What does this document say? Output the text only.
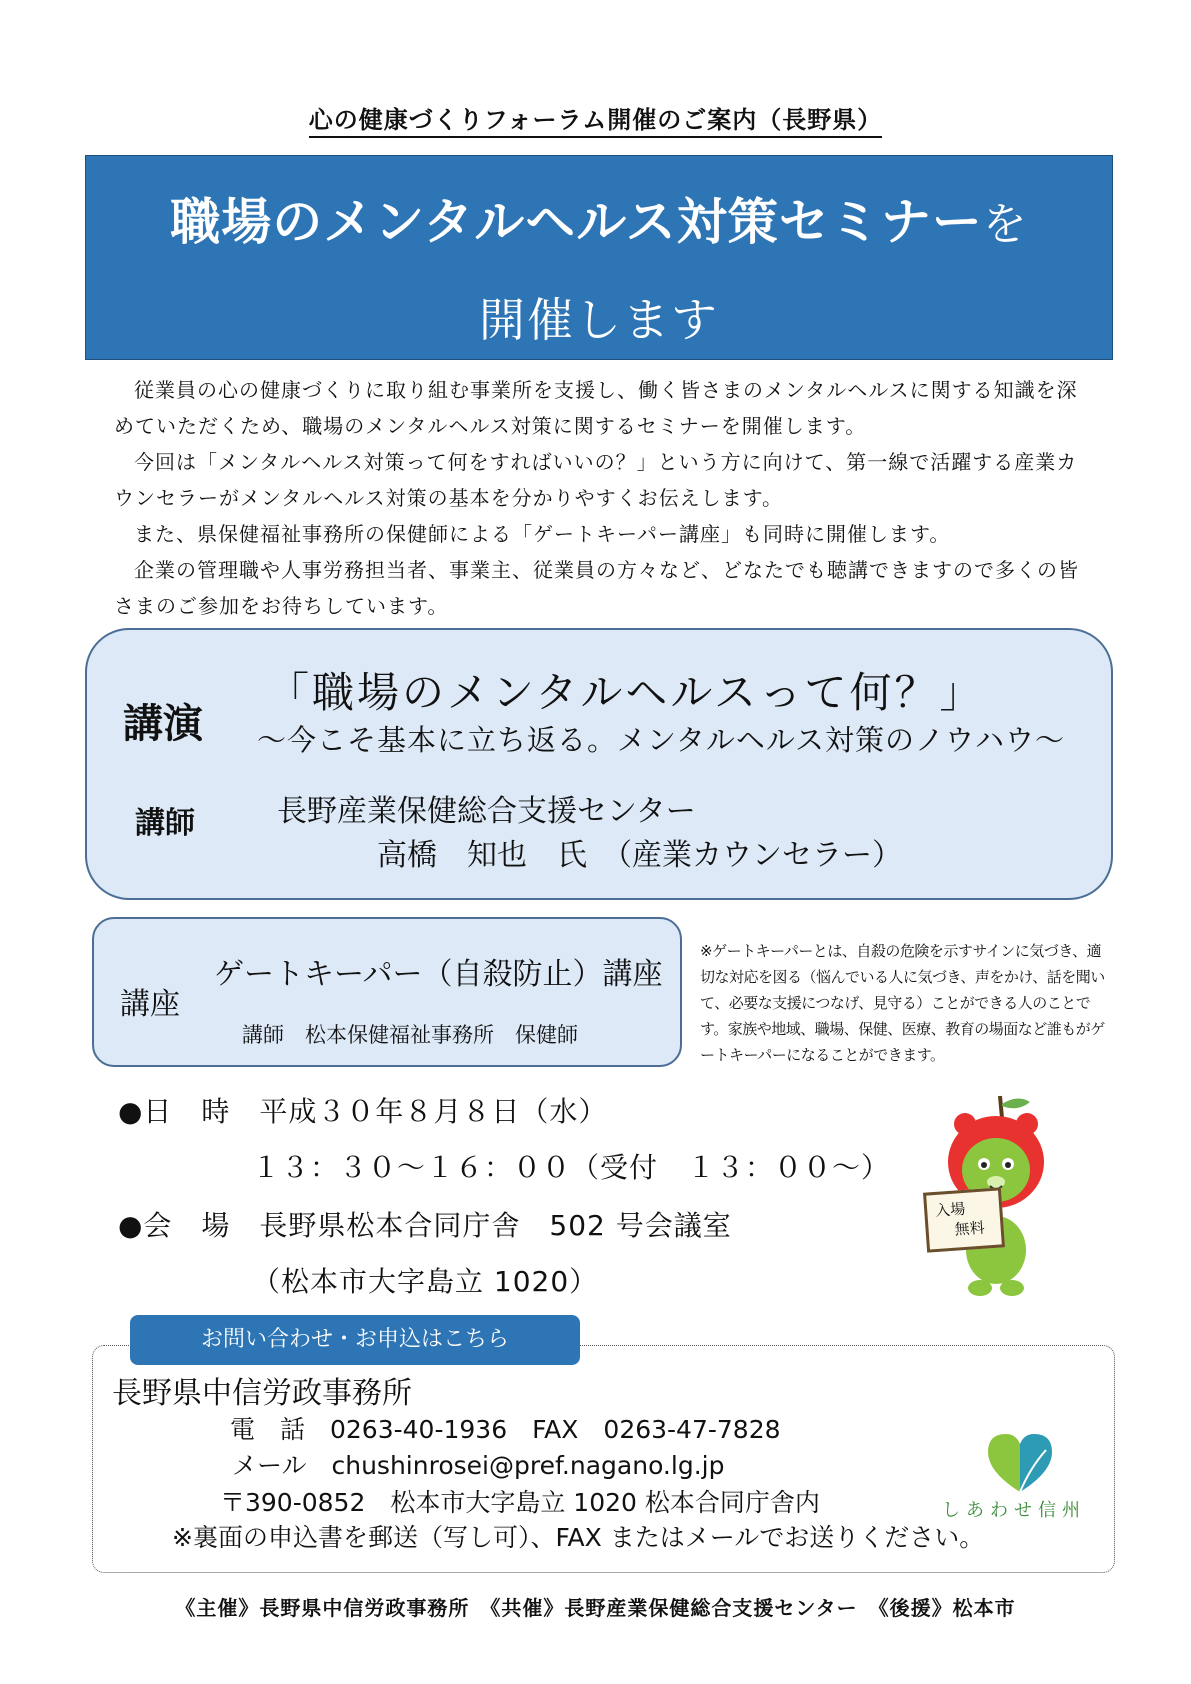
心の健康づくりフォーラム開催のご案内（長野県）
職場のメンタルヘルス対策セミナーを
開催します

従業員の心の健康づくりに取り組む事業所を支援し、働く皆さまのメンタルヘルスに関する知識を深めていただくため、職場のメンタルヘルス対策に関するセミナーを開催します。

今回は「メンタルヘルス対策って何をすればいいの？」という方に向けて、第一線で活躍する産業カウンセラーがメンタルヘルス対策の基本を分かりやすくお伝えします。

また、県保健福祉事務所の保健師による「ゲートキーパー講座」も同時に開催します。

企業の管理職や人事労務担当者、事業主、従業員の方々など、どなたでも聴講できますので多くの皆さまのご参加をお待ちしています。

講演
「職場のメンタルヘルスって何？」
～今こそ基本に立ち返る。メンタルヘルス対策のノウハウ～
講師	長野産業保健総合支援センター
高橋　知也　氏　（産業カウンセラー）
講座
ゲートキーパー（自殺防止）講座
講師　松本保健福祉事務所　保健師
※ゲートキーパーとは、自殺の危険を示すサインに気づき、適切な対応を図る（悩んでいる人に気づき、声をかけ、話を聞いて、必要な支援につなげ、見守る）ことができる人のことです。家族や地域、職場、保健、医療、教育の場面など誰もがゲートキーパーになることができます。
●日　時　平成３０年８月８日（水）
１３：３０～１６：００（受付　１３：００～）
●会　場　長野県松本合同庁舎　502 号会議室
（松本市大字島立 1020）
入場
無料
お問い合わせ・お申込はこちら
長野県中信労政事務所
電　話　0263-40-1936　FAX　0263-47-7828
メール　chushinrosei@pref.nagano.lg.jp
〒390-0852　松本市大字島立 1020 松本合同庁舎内
※裏面の申込書を郵送（写し可）、FAX またはメールでお送りください。
しあわせ信州
《主催》長野県中信労政事務所　《共催》長野産業保健総合支援センター　《後援》松本市
